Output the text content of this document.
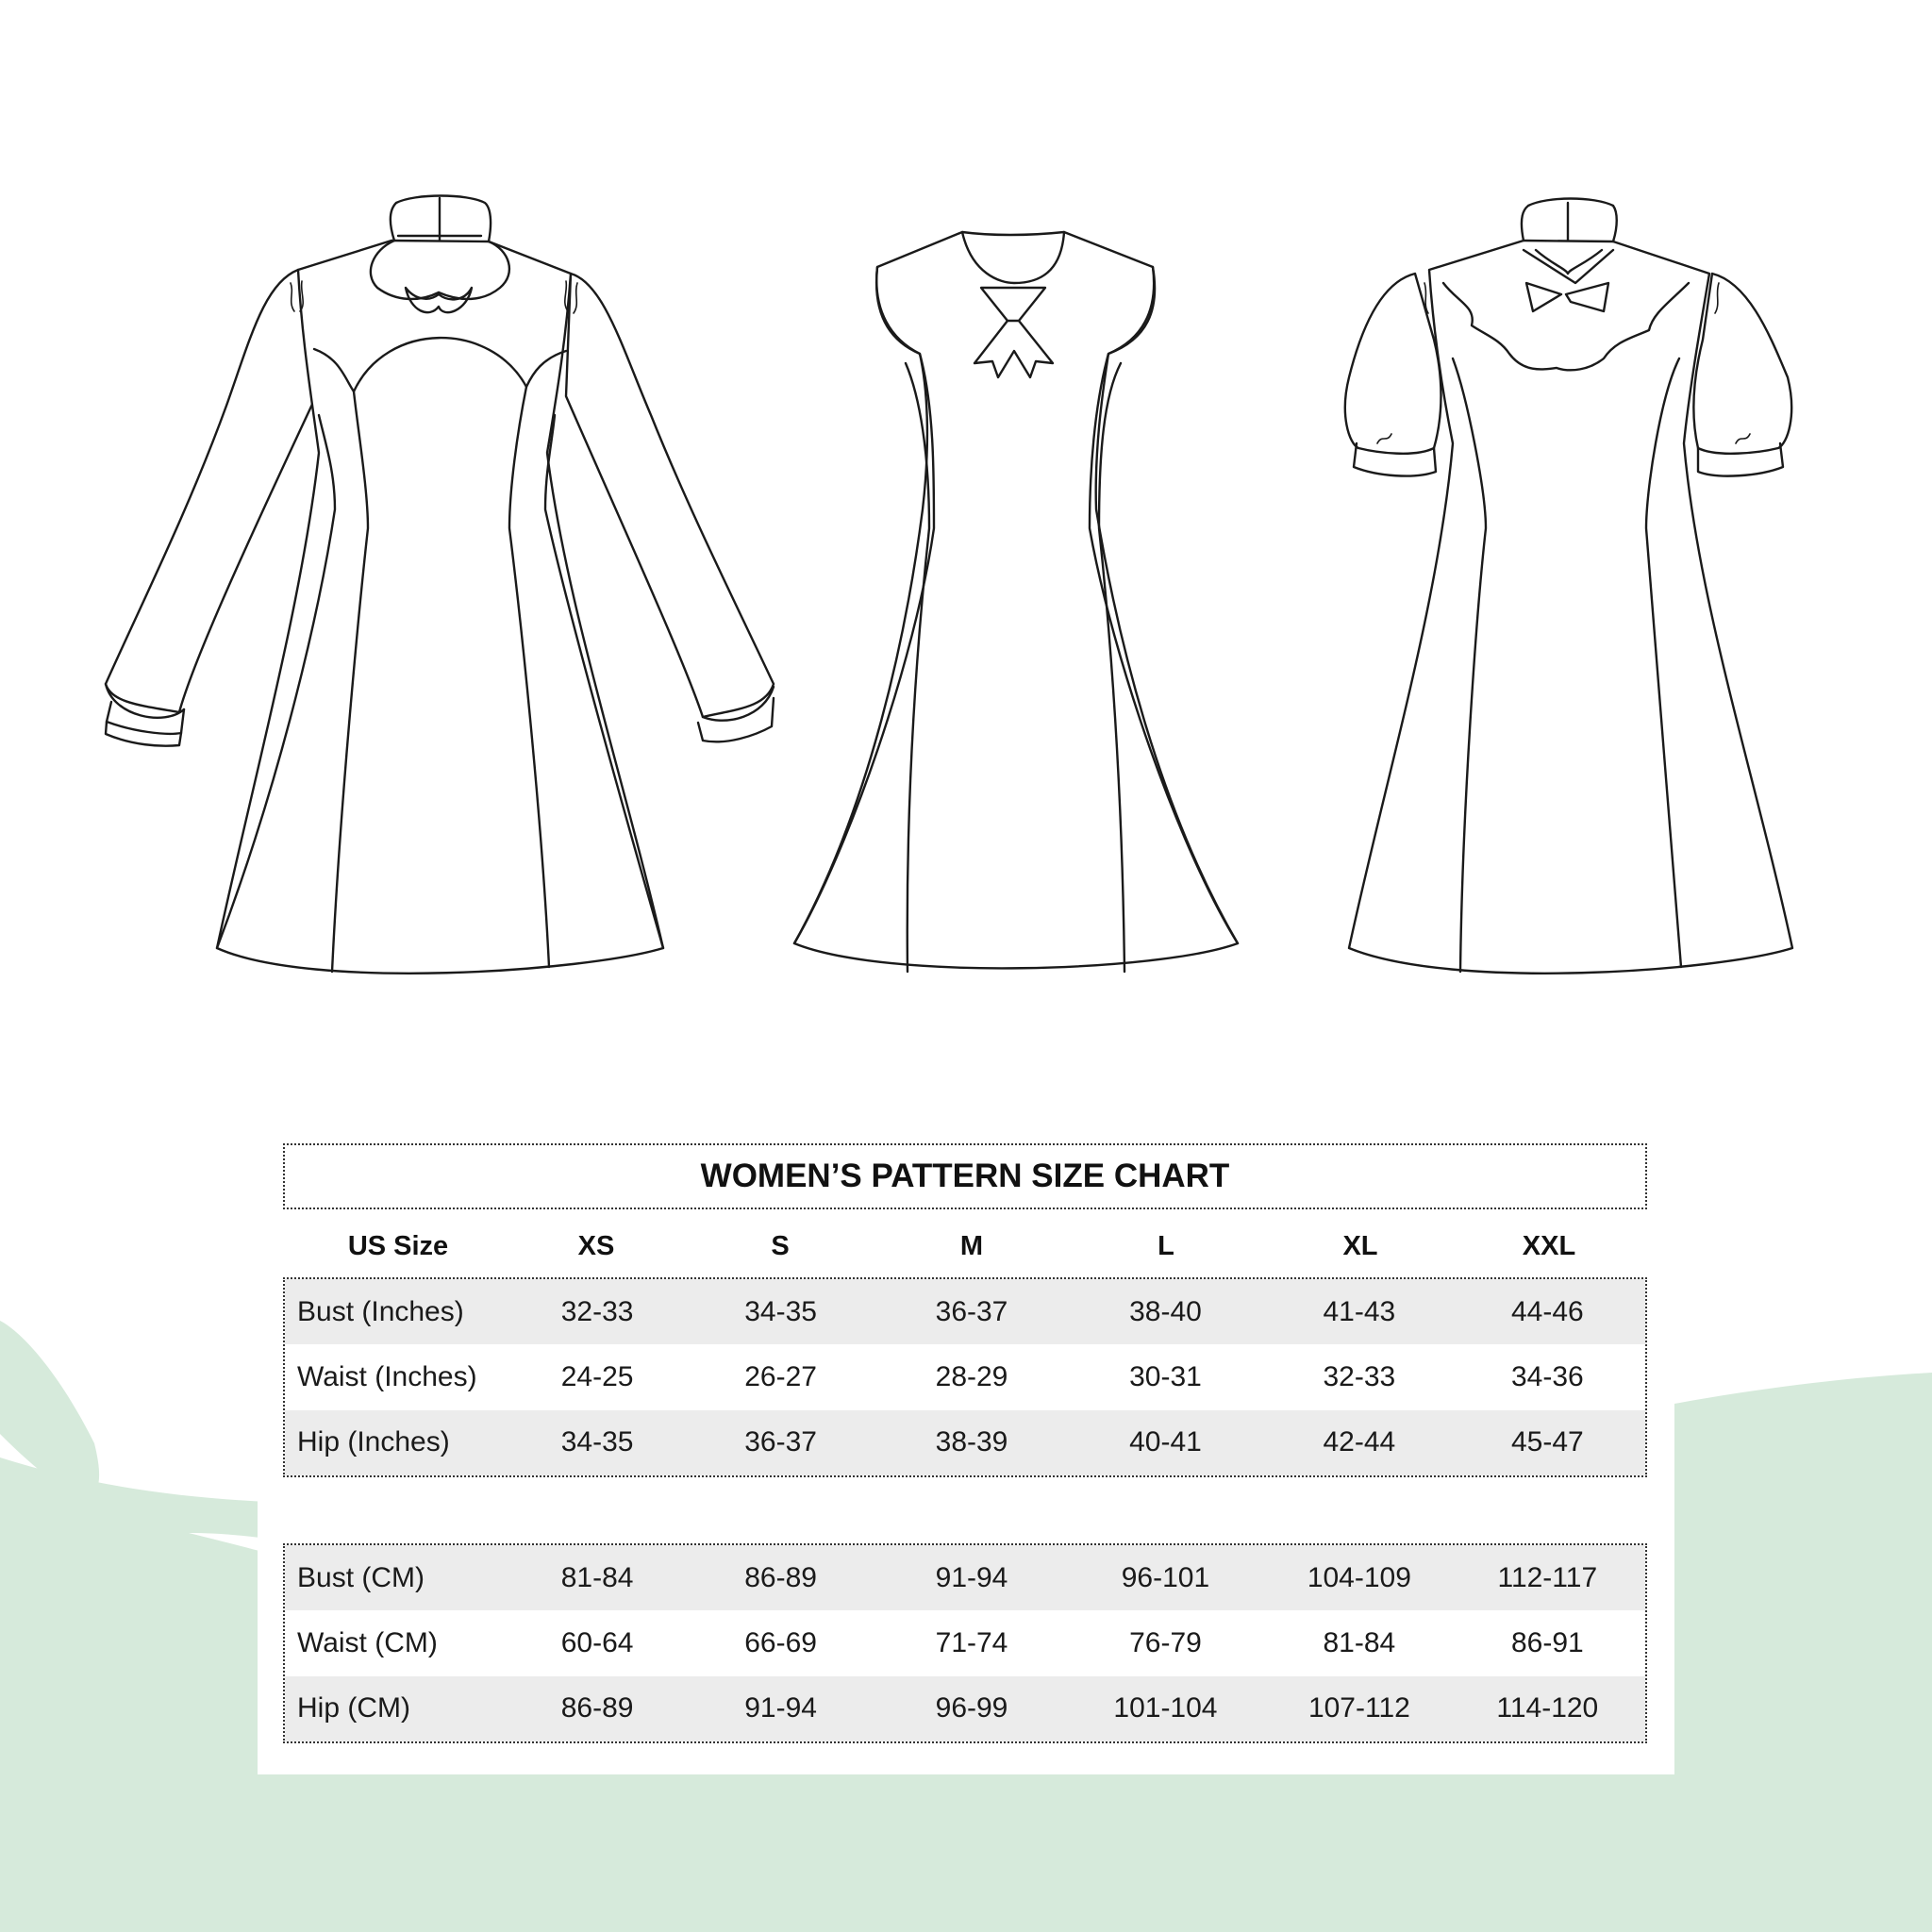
WOMEN’S PATTERN SIZE CHART
US Size	XS	S	M	L	XL	XXL
Bust (Inches)	32-33	34-35	36-37	38-40	41-43	44-46
Waist (Inches)	24-25	26-27	28-29	30-31	32-33	34-36
Hip (Inches)	34-35	36-37	38-39	40-41	42-44	45-47
Bust (CM)	81-84	86-89	91-94	96-101	104-109	112-117
Waist (CM)	60-64	66-69	71-74	76-79	81-84	86-91
Hip (CM)	86-89	91-94	96-99	101-104	107-112	114-120
